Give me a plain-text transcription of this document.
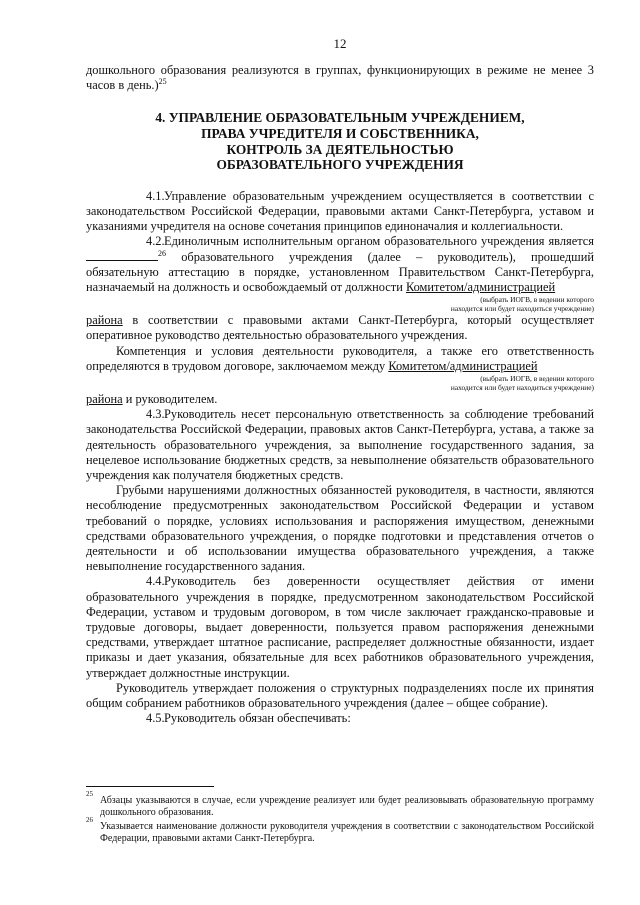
12

дошкольного образования реализуются в группах, функционирующих в режиме не менее 3 часов в день.)$^{25}$

4. УПРАВЛЕНИЕ ОБРАЗОВАТЕЛЬНЫМ УЧРЕЖДЕНИЕМ,
ПРАВА УЧРЕДИТЕЛЯ И СОБСТВЕННИКА,
КОНТРОЛЬ ЗА ДЕЯТЕЛЬНОСТЬЮ
ОБРАЗОВАТЕЛЬНОГО УЧРЕЖДЕНИЯ

4.1.Управление образовательным учреждением осуществляется в соответствии с законодательством Российской Федерации, правовыми актами Санкт-Петербурга, уставом и указаниями учредителя на основе сочетания принципов единоначалия и коллегиальности.

4.2.Единоличным исполнительным органом образовательного учреждения является $^{26}$ образовательного учреждения (далее – руководитель), прошедший обязательную аттестацию в порядке, установленном Правительством Санкт-Петербурга, назначаемый на должность и освобождаемый от должности Комитетом/администрацией

(выбрать ИОГВ, в ведении которого
находится или будет находиться учреждение)

района в соответствии с правовыми актами Санкт-Петербурга, который осуществляет оперативное руководство деятельностью образовательного учреждения.

Компетенция и условия деятельности руководителя, а также его ответственность определяются в трудовом договоре, заключаемом между Комитетом/администрацией

(выбрать ИОГВ, в ведении которого
находится или будет находиться учреждение)

района и руководителем.

4.3.Руководитель несет персональную ответственность за соблюдение требований законодательства Российской Федерации, правовых актов Санкт-Петербурга, устава, а также за деятельность образовательного учреждения, за выполнение государственного задания, за нецелевое использование бюджетных средств, за невыполнение обязательств образовательного учреждения как получателя бюджетных средств.

Грубыми нарушениями должностных обязанностей руководителя, в частности, являются несоблюдение предусмотренных законодательством Российской Федерации и уставом требований о порядке, условиях использования и распоряжения имуществом, денежными средствами образовательного учреждения, о порядке подготовки и представления отчетов о деятельности и об использовании имущества образовательного учреждения, а также невыполнение государственного задания.

4.4.Руководитель без доверенности осуществляет действия от имени образовательного учреждения в порядке, предусмотренном законодательством Российской Федерации, уставом и трудовым договором, в том числе заключает гражданско-правовые и трудовые договоры, выдает доверенности, пользуется правом распоряжения денежными средствами, утверждает штатное расписание, распределяет должностные обязанности, издает приказы и дает указания, обязательные для всех работников образовательного учреждения, утверждает должностные инструкции.

Руководитель утверждает положения о структурных подразделениях после их принятия общим собранием работников образовательного учреждения (далее – общее собрание).

4.5.Руководитель обязан обеспечивать:

25
Абзацы указываются в случае, если учреждение реализует или будет реализовывать образовательную программу дошкольного образования.
26
Указывается наименование должности руководителя учреждения в соответствии с законодательством Российской Федерации, правовыми актами Санкт-Петербурга.
